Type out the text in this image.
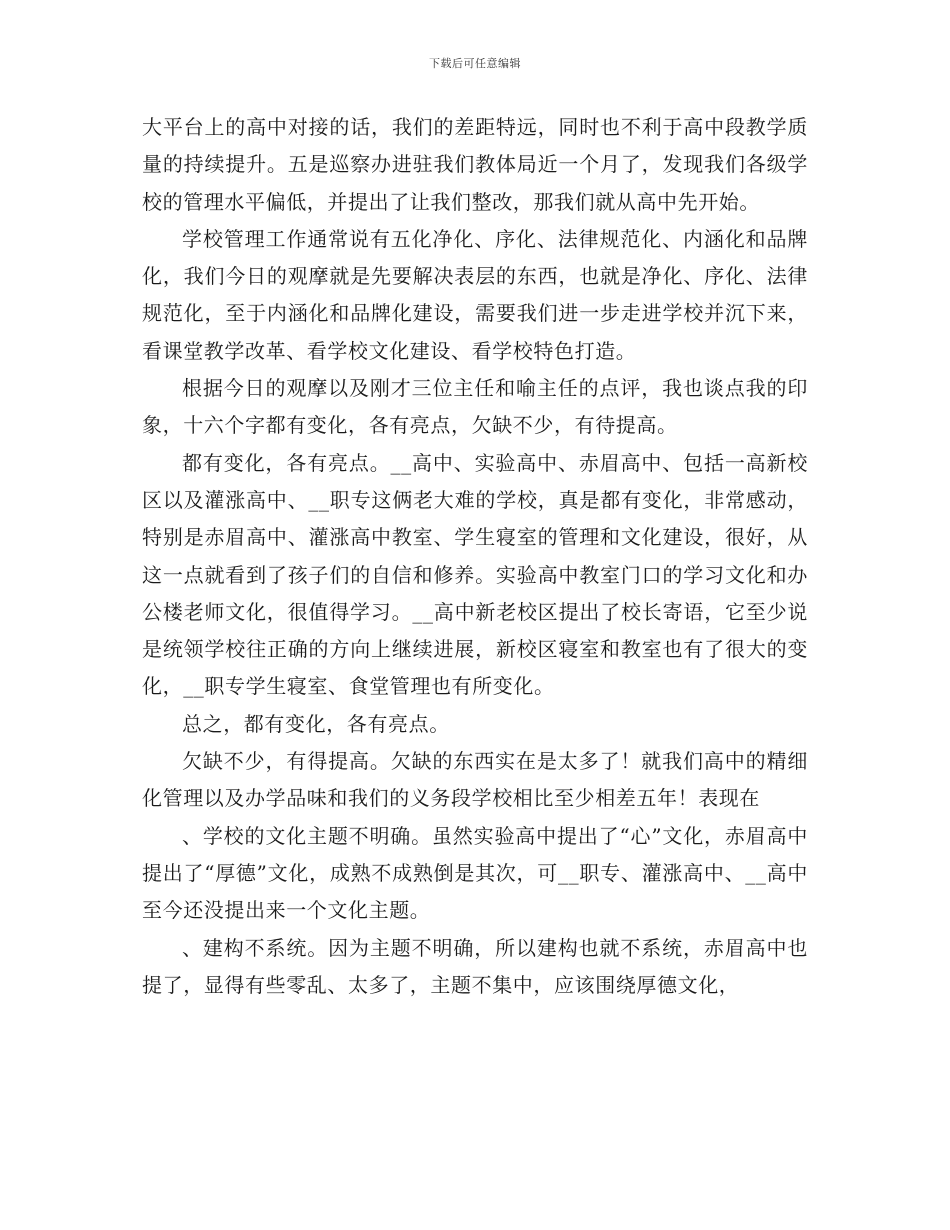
下载后可任意编辑

大平台上的高中对接的话，我们的差距特远，同时也不利于高中段教学质量的持续提升。五是巡察办进驻我们教体局近一个月了，发现我们各级学校的管理水平偏低，并提出了让我们整改，那我们就从高中先开始。

学校管理工作通常说有五化净化、序化、法律规范化、内涵化和品牌化，我们今日的观摩就是先要解决表层的东西，也就是净化、序化、法律规范化，至于内涵化和品牌化建设，需要我们进一步走进学校并沉下来，看课堂教学改革、看学校文化建设、看学校特色打造。

根据今日的观摩以及刚才三位主任和喻主任的点评，我也谈点我的印象，十六个字都有变化，各有亮点，欠缺不少，有待提高。

都有变化，各有亮点。__高中、实验高中、赤眉高中、包括一高新校区以及灌涨高中、__职专这俩老大难的学校，真是都有变化，非常感动，特别是赤眉高中、灌涨高中教室、学生寝室的管理和文化建设，很好，从这一点就看到了孩子们的自信和修养。实验高中教室门口的学习文化和办公楼老师文化，很值得学习。__高中新老校区提出了校长寄语，它至少说是统领学校往正确的方向上继续进展，新校区寝室和教室也有了很大的变化，__职专学生寝室、食堂管理也有所变化。

总之，都有变化，各有亮点。

欠缺不少，有得提高。欠缺的东西实在是太多了！就我们高中的精细化管理以及办学品味和我们的义务段学校相比至少相差五年！表现在

、学校的文化主题不明确。虽然实验高中提出了“心”文化，赤眉高中提出了“厚德”文化，成熟不成熟倒是其次，可__职专、灌涨高中、__高中至今还没提出来一个文化主题。

、建构不系统。因为主题不明确，所以建构也就不系统，赤眉高中也提了，显得有些零乱、太多了，主题不集中，应该围绕厚德文化，
